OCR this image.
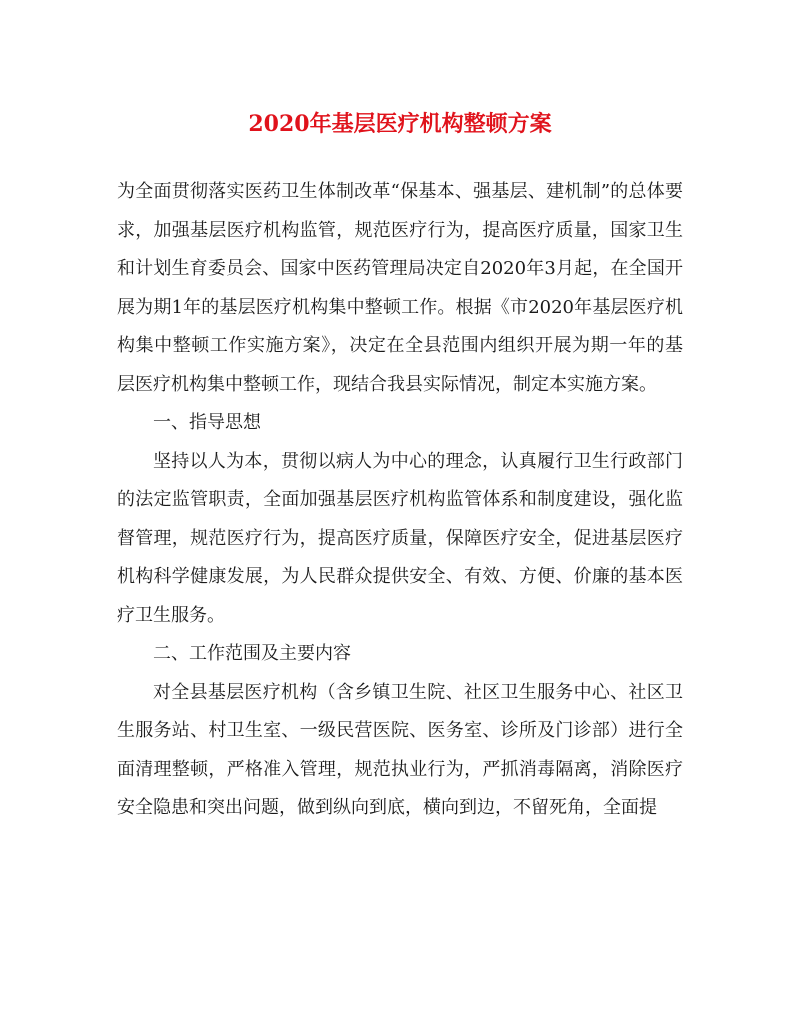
2020年基层医疗机构整顿方案

为全面贯彻落实医药卫生体制改革“保基本、强基层、建机制”的总体要求，加强基层医疗机构监管，规范医疗行为，提高医疗质量，国家卫生和计划生育委员会、国家中医药管理局决定自2020年3月起，在全国开展为期1年的基层医疗机构集中整顿工作。根据《市2020年基层医疗机构集中整顿工作实施方案》，决定在全县范围内组织开展为期一年的基层医疗机构集中整顿工作，现结合我县实际情况，制定本实施方案。

一、指导思想

坚持以人为本，贯彻以病人为中心的理念，认真履行卫生行政部门的法定监管职责，全面加强基层医疗机构监管体系和制度建设，强化监督管理，规范医疗行为，提高医疗质量，保障医疗安全，促进基层医疗机构科学健康发展，为人民群众提供安全、有效、方便、价廉的基本医疗卫生服务。

二、工作范围及主要内容

对全县基层医疗机构（含乡镇卫生院、社区卫生服务中心、社区卫生服务站、村卫生室、一级民营医院、医务室、诊所及门诊部）进行全面清理整顿，严格准入管理，规范执业行为，严抓消毒隔离，消除医疗安全隐患和突出问题，做到纵向到底，横向到边，不留死角，全面提
